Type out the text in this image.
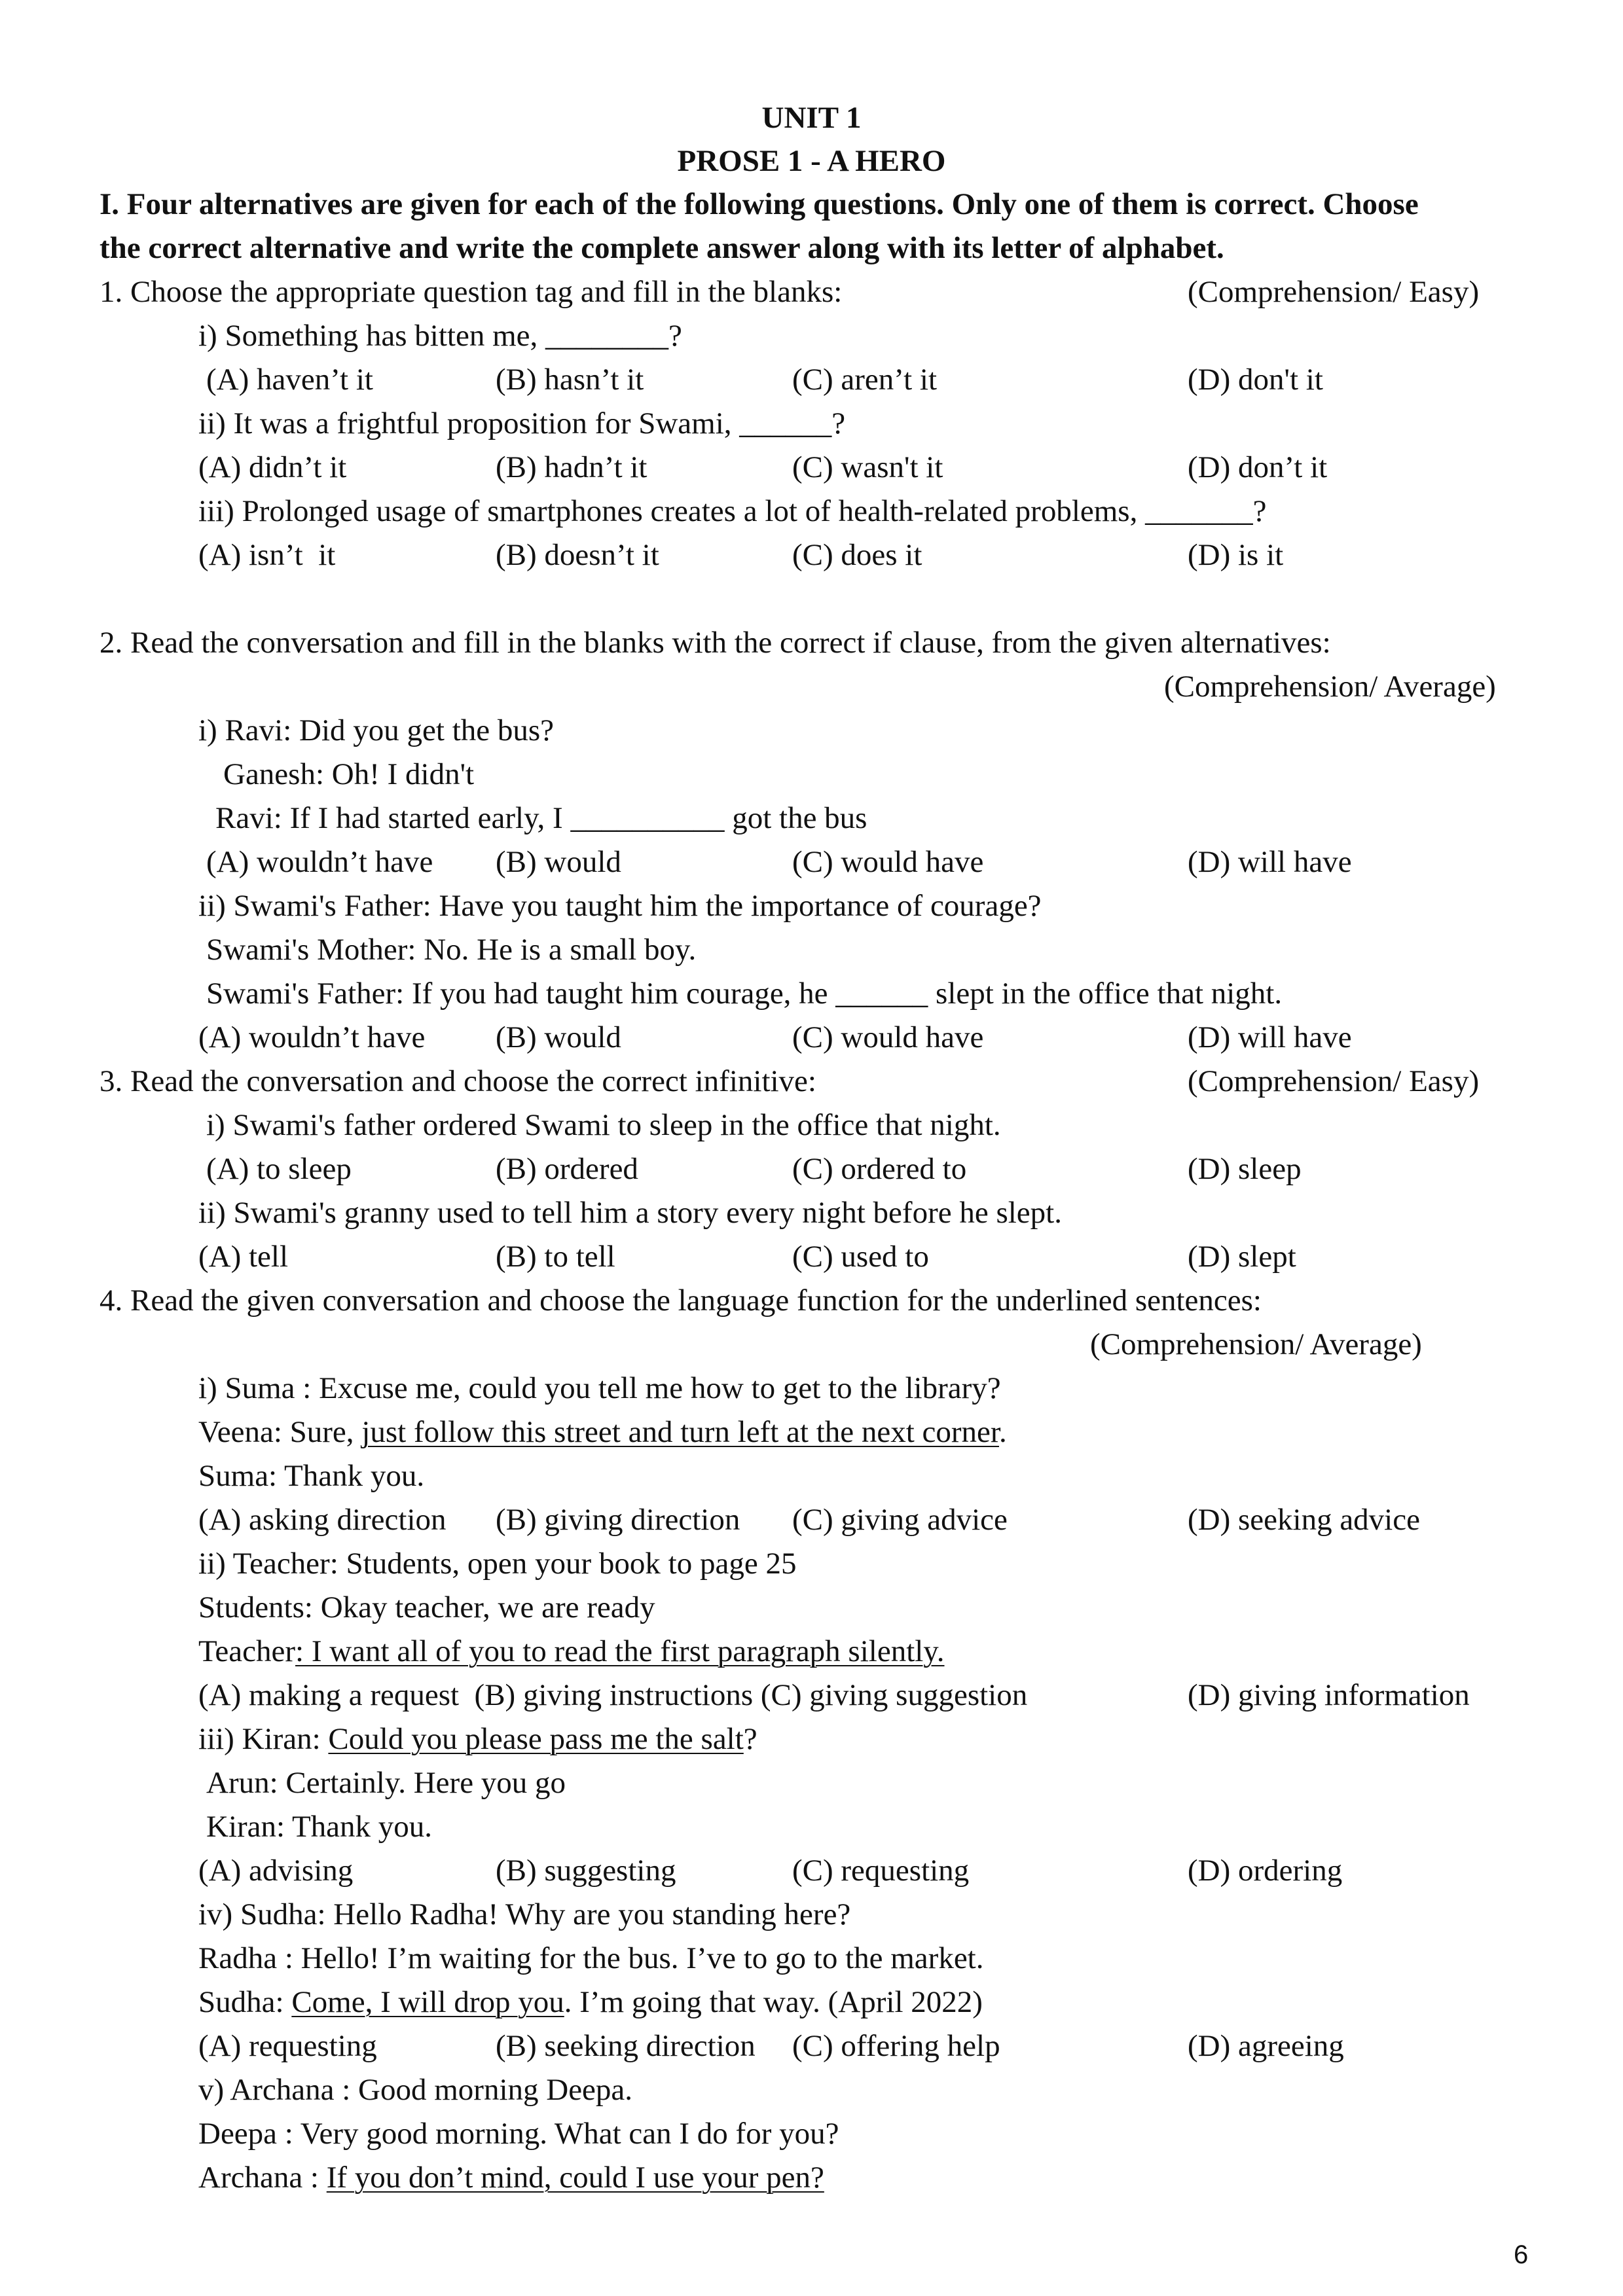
UNIT 1
PROSE 1 - A HERO
I. Four alternatives are given for each of the following questions. Only one of them is correct. Choose
the correct alternative and write the complete answer along with its letter of alphabet.
1. Choose the appropriate question tag and fill in the blanks:	(Comprehension/ Easy)
i) Something has bitten me, ________?
(A) haven’t it	(B) hasn’t it	(C) aren’t it	(D) don't it
ii) It was a frightful proposition for Swami, ______?
(A) didn’t it	(B) hadn’t it	(C) wasn't it	(D) don’t it
iii) Prolonged usage of smartphones creates a lot of health-related problems, _______?
(A) isn’t  it	(B) doesn’t it	(C) does it	(D) is it
2. Read the conversation and fill in the blanks with the correct if clause, from the given alternatives:
(Comprehension/ Average)
i) Ravi: Did you get the bus?
Ganesh: Oh! I didn't
Ravi: If I had started early, I __________ got the bus
(A) wouldn’t have (B) would	(C) would have	(D) will have
ii) Swami's Father: Have you taught him the importance of courage?
Swami's Mother: No. He is a small boy.
Swami's Father: If you had taught him courage, he ______ slept in the office that night.
(A) wouldn’t have (B) would	(C) would have	(D) will have
3. Read the conversation and choose the correct infinitive:	(Comprehension/ Easy)
i) Swami's father ordered Swami to sleep in the office that night.
(A) to sleep	(B) ordered	(C) ordered to	(D) sleep
ii) Swami's granny used to tell him a story every night before he slept.
(A) tell	(B) to tell	(C) used to	(D) slept
4. Read the given conversation and choose the language function for the underlined sentences:
(Comprehension/ Average)
i) Suma : Excuse me, could you tell me how to get to the library?
Veena: Sure, just follow this street and turn left at the next corner.
Suma: Thank you.
(A) asking direction (B) giving direction (C) giving advice	(D) seeking advice
ii) Teacher: Students, open your book to page 25
Students: Okay teacher, we are ready
Teacher: I want all of you to read the first paragraph silently.
(A) making a request  (B) giving instructions (C) giving suggestion	(D) giving information
iii) Kiran: Could you please pass me the salt?
Arun: Certainly. Here you go
Kiran: Thank you.
(A) advising	(B) suggesting	(C) requesting	(D) ordering
iv) Sudha: Hello Radha! Why are you standing here?
Radha : Hello! I’m waiting for the bus. I’ve to go to the market.
Sudha: Come, I will drop you. I’m going that way. (April 2022)
(A) requesting	(B) seeking direction (C) offering help	(D) agreeing
v) Archana : Good morning Deepa.
Deepa : Very good morning. What can I do for you?
Archana : If you don’t mind, could I use your pen?
6
